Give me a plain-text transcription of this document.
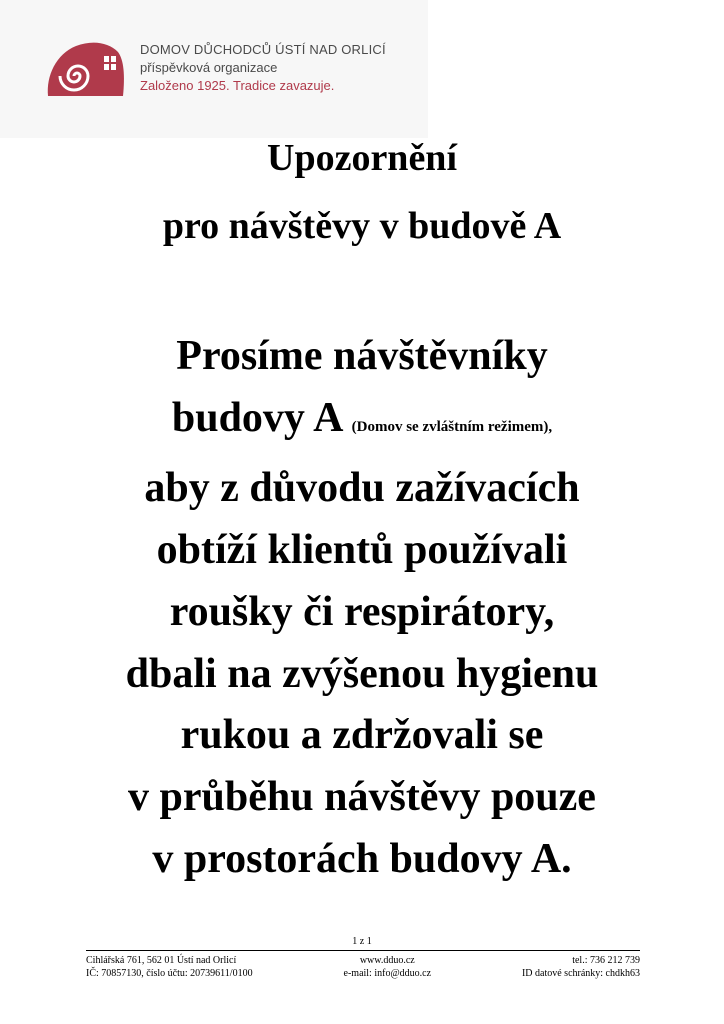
DOMOV DŮCHODCŮ ÚSTÍ NAD ORLICÍ
příspěvková organizace
Založeno 1925. Tradice zavazuje.
Upozornění
pro návštěvy v budově A
Prosíme návštěvníky
budovy A (Domov se zvláštním režimem),
aby z důvodu zažívacích
obtíží klientů používali
roušky či respirátory,
dbali na zvýšenou hygienu
rukou a zdržovali se
v průběhu návštěvy pouze
v prostorách budovy A.
1 z 1
Cihlářská 761, 562 01 Ústí nad Orlicí
IČ: 70857130, číslo účtu: 20739611/0100
www.dduo.cz
e-mail: info@dduo.cz
tel.: 736 212 739
ID datové schránky: chdkh63
